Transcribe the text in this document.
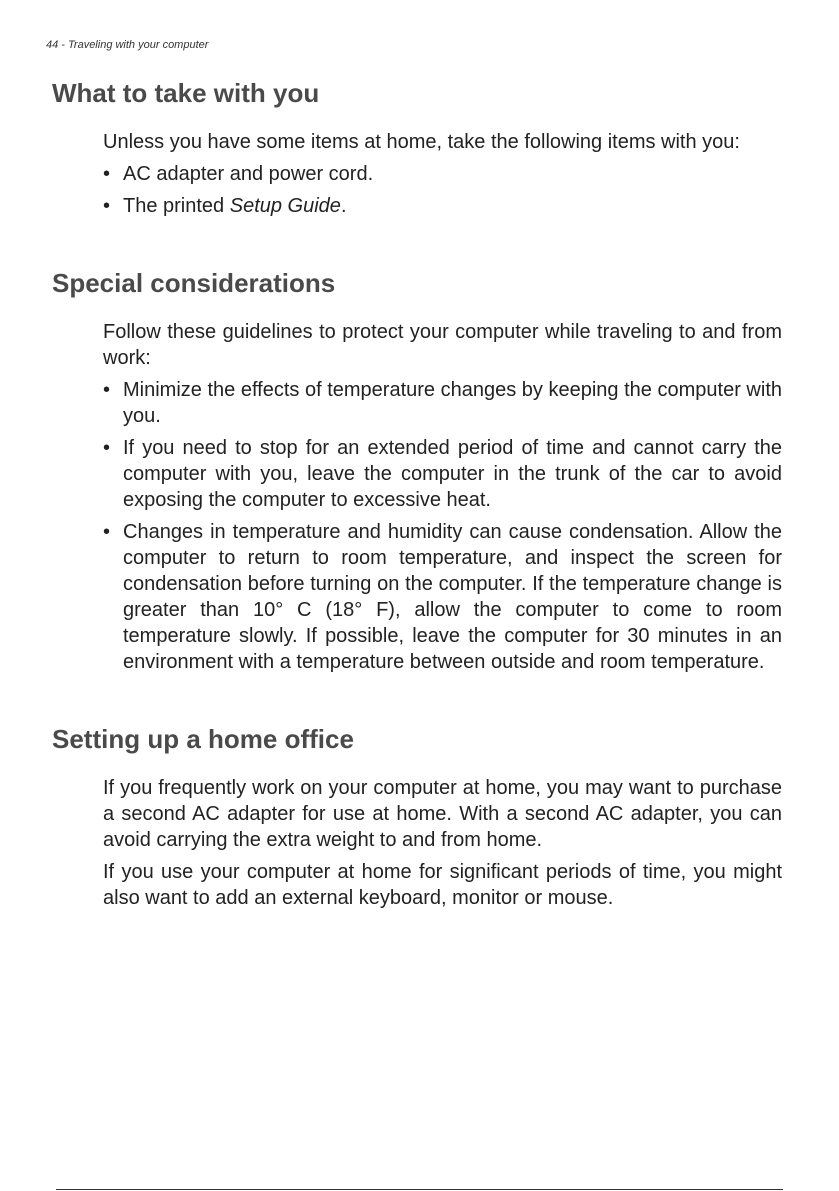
44 - Traveling with your computer
What to take with you

Unless you have some items at home, take the following items with you:

• AC adapter and power cord.
• The printed Setup Guide.
Special considerations

Follow these guidelines to protect your computer while traveling to and from work:

• Minimize the effects of temperature changes by keeping the computer with you.
• If you need to stop for an extended period of time and cannot carry the computer with you, leave the computer in the trunk of the car to avoid exposing the computer to excessive heat.
• Changes in temperature and humidity can cause condensation. Allow the computer to return to room temperature, and inspect the screen for condensation before turning on the computer. If the temperature change is greater than 10° C (18° F), allow the computer to come to room temperature slowly. If possible, leave the computer for 30 minutes in an environment with a temperature between outside and room temperature.
Setting up a home office

If you frequently work on your computer at home, you may want to purchase a second AC adapter for use at home. With a second AC adapter, you can avoid carrying the extra weight to and from home.

If you use your computer at home for significant periods of time, you might also want to add an external keyboard, monitor or mouse.
